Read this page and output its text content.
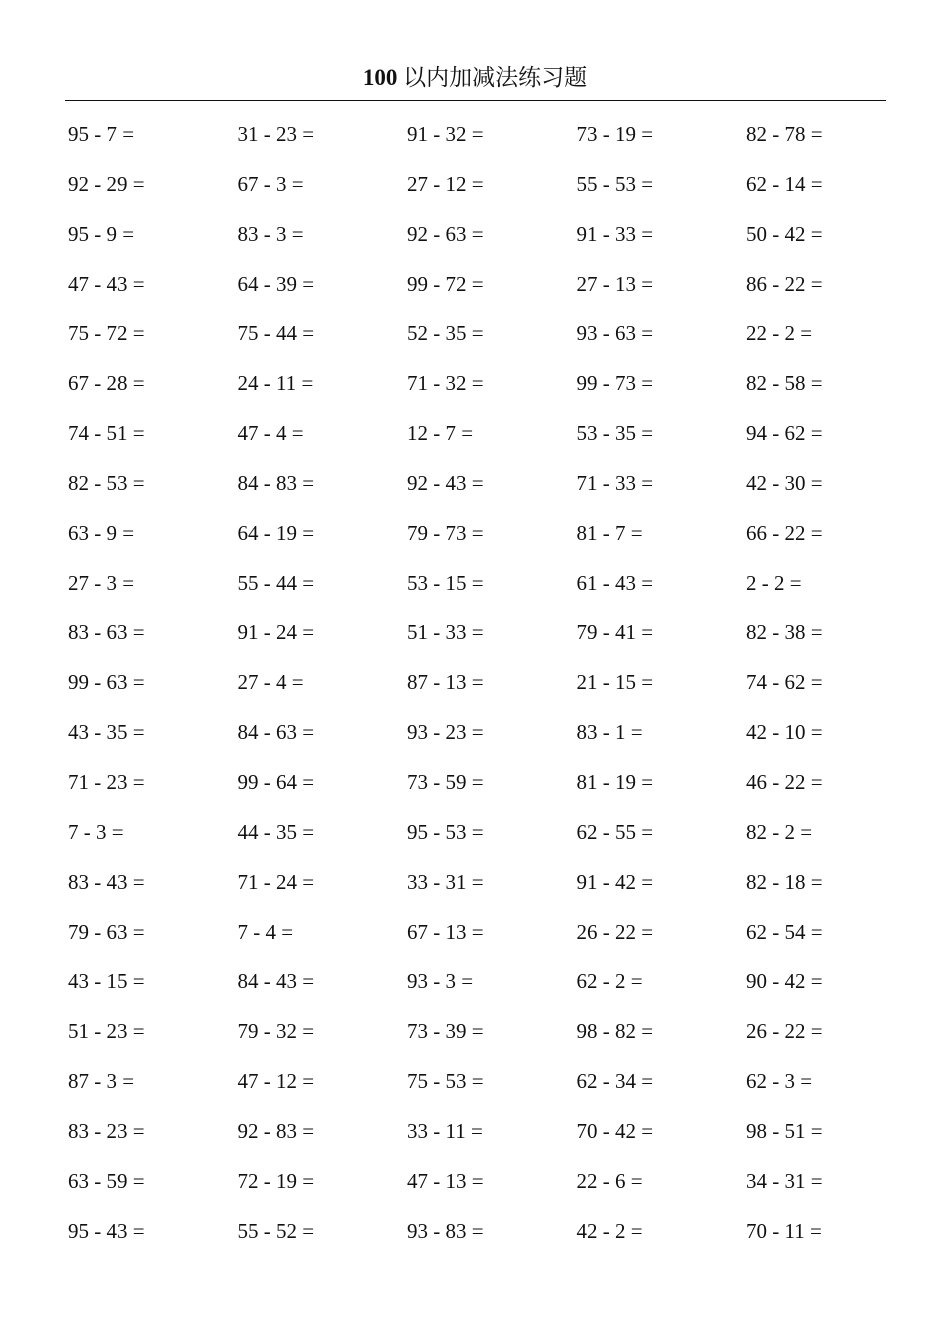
100 以内加减法练习题
95 - 7 =	31 - 23 =	91 - 32 =	73 - 19 =	82 - 78 =
92 - 29 =	67 - 3 =	27 - 12 =	55 - 53 =	62 - 14 =
95 - 9 =	83 - 3 =	92 - 63 =	91 - 33 =	50 - 42 =
47 - 43 =	64 - 39 =	99 - 72 =	27 - 13 =	86 - 22 =
75 - 72 =	75 - 44 =	52 - 35 =	93 - 63 =	22 - 2 =
67 - 28 =	24 - 11 =	71 - 32 =	99 - 73 =	82 - 58 =
74 - 51 =	47 - 4 =	12 - 7 =	53 - 35 =	94 - 62 =
82 - 53 =	84 - 83 =	92 - 43 =	71 - 33 =	42 - 30 =
63 - 9 =	64 - 19 =	79 - 73 =	81 - 7 =	66 - 22 =
27 - 3 =	55 - 44 =	53 - 15 =	61 - 43 =	2 - 2 =
83 - 63 =	91 - 24 =	51 - 33 =	79 - 41 =	82 - 38 =
99 - 63 =	27 - 4 =	87 - 13 =	21 - 15 =	74 - 62 =
43 - 35 =	84 - 63 =	93 - 23 =	83 - 1 =	42 - 10 =
71 - 23 =	99 - 64 =	73 - 59 =	81 - 19 =	46 - 22 =
7 - 3 =	44 - 35 =	95 - 53 =	62 - 55 =	82 - 2 =
83 - 43 =	71 - 24 =	33 - 31 =	91 - 42 =	82 - 18 =
79 - 63 =	7 - 4 =	67 - 13 =	26 - 22 =	62 - 54 =
43 - 15 =	84 - 43 =	93 - 3 =	62 - 2 =	90 - 42 =
51 - 23 =	79 - 32 =	73 - 39 =	98 - 82 =	26 - 22 =
87 - 3 =	47 - 12 =	75 - 53 =	62 - 34 =	62 - 3 =
83 - 23 =	92 - 83 =	33 - 11 =	70 - 42 =	98 - 51 =
63 - 59 =	72 - 19 =	47 - 13 =	22 - 6 =	34 - 31 =
95 - 43 =	55 - 52 =	93 - 83 =	42 - 2 =	70 - 11 =
